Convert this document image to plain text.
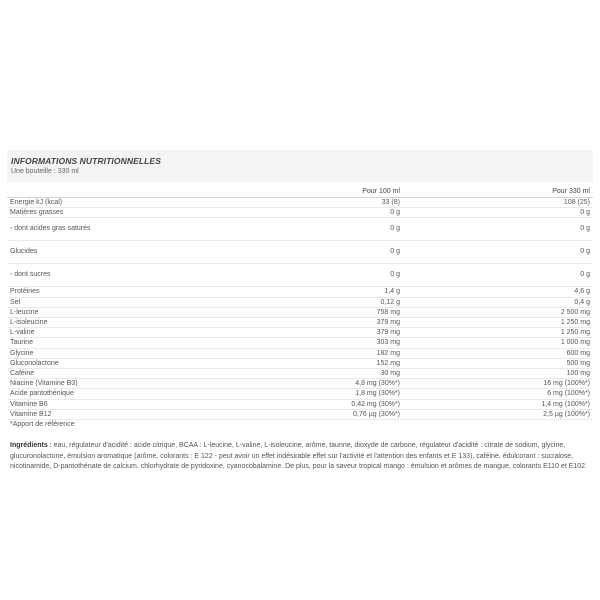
INFORMATIONS NUTRITIONNELLES
Une bouteille : 330 ml
	Pour 100 ml	Pour 330 ml
Energie kJ (kcal)	33 (8)	108 (25)
Matières grasses	0 g	0 g
- dont acides gras saturés	0 g	0 g
Glucides	0 g	0 g
- dont sucres	0 g	0 g
Protéines	1,4 g	4,6 g
Sel	0,12 g	0,4 g
L-leucine	758 mg	2 500 mg
L-isoleucine	379 mg	1 250 mg
L-valine	379 mg	1 250 mg
Taurine	303 mg	1 000 mg
Glycine	182 mg	600 mg
Gluconolactone	152 mg	500 mg
Caféine	30 mg	100 mg
Niacine (Vitamine B3)	4,8 mg (30%*)	16 mg (100%*)
Acide pantothénique	1,8 mg (30%*)	6 mg (100%*)
Vitamine B6	0,42 mg (30%*)	1,4 mg (100%*)
Vitamine B12	0,76 µg (30%*)	2,5 µg (100%*)
*Apport de référence		
Ingrédients : eau, régulateur d'acidité : acide citrique, BCAA : L-leucine, L-valine, L-isoleucine, arôme, taurine, dioxyde de carbone, régulateur d'acidité : citrate de sodium, glycine, glucuronolactone, émulsion aromatique (arôme, colorants : E 122 - peut avoir un effet indésirable effet sur l'activité et l'attention des enfants et E 133), caféine, édulcorant : sucralose, nicotinamide, D-pantothénate de calcium, chlorhydrate de pyridoxine, cyanocobalamine. De plus, pour la saveur tropical mango : émulsion et arômes de mangue, colorants E110 et E102.
